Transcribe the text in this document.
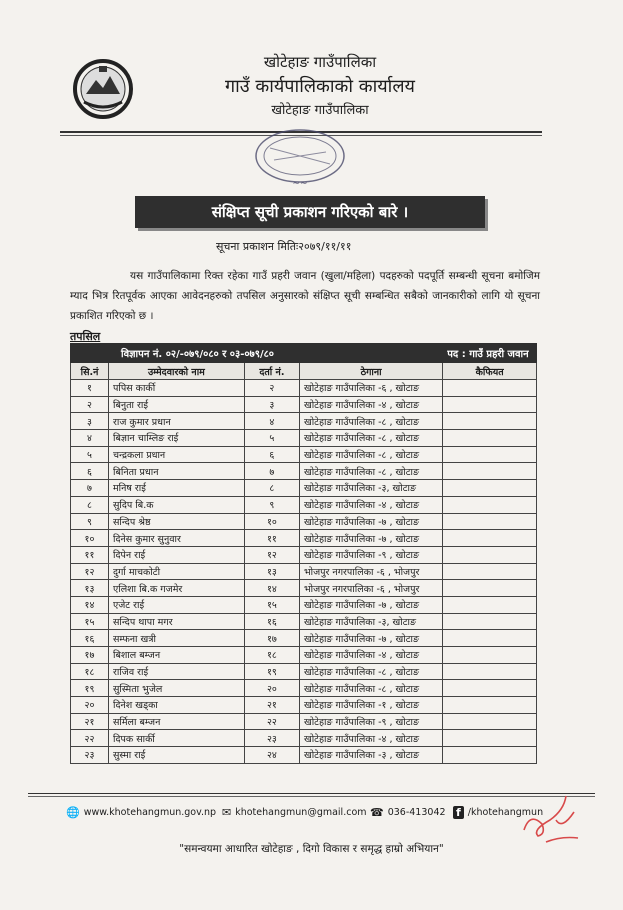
खोटेहाङ गाउँपालिका
गाउँ कार्यपालिकाको कार्यालय
खोटेहाङ गाउँपालिका
~~
संक्षिप्त सूची प्रकाशन गरिएको बारे ।
सूचना प्रकाशन मितिः२०७९/११/११
यस गाउँपालिकामा रिक्त रहेका गाउँ प्रहरी जवान (खुला/महिला) पदहरुको पदपूर्ति सम्बन्धी सूचना बमोजिम म्याद भित्र रितपूर्वक आएका आवेदनहरुको तपसिल अनुसारको संक्षिप्त सूची सम्बन्धित सबैको जानकारीको लागि यो सूचना प्रकाशित गरिएको छ ।
तपसिल
विज्ञापन नं. ०२/-०७९/०८० र ०३-०७९/८०				पद : गाउँ प्रहरी जवान
सि.नं	उम्मेदवारको नाम	दर्ता नं.	ठेगाना	कैफियत
१	पपिस कार्की	२	खोटेहाङ गाउँपालिका -६ , खोटाङ	
२	बिनुता राई	३	खोटेहाङ गाउँपालिका -४ , खोटाङ	
३	राज कुमार प्रधान	४	खोटेहाङ गाउँपालिका -८ , खोटाङ	
४	बिज्ञान चाम्लिङ राई	५	खोटेहाङ गाउँपालिका -८ , खोटाङ	
५	चन्द्रकला प्रधान	६	खोटेहाङ गाउँपालिका -८ , खोटाङ	
६	बिनिता प्रधान	७	खोटेहाङ गाउँपालिका -८ , खोटाङ	
७	मनिष राई	८	खोटेहाङ गाउँपालिका -३, खोटाङ	
८	सुदिप बि.क	९	खोटेहाङ गाउँपालिका -४ , खोटाङ	
९	सन्दिप श्रेष्ठ	१०	खोटेहाङ गाउँपालिका -७ , खोटाङ	
१०	दिनेस कुमार सुनुवार	११	खोटेहाङ गाउँपालिका -७ , खोटाङ	
११	दिपेन राई	१२	खोटेहाङ गाउँपालिका -९ , खोटाङ	
१२	दुर्गा माचकोटी	१३	भोजपुर नगरपालिका -६ , भोजपुर	
१३	एलिशा बि.क गजमेर	१४	भोजपुर नगरपालिका -६ , भोजपुर	
१४	एजेट राई	१५	खोटेहाङ गाउँपालिका -७ , खोटाङ	
१५	सन्दिप थापा मगर	१६	खोटेहाङ गाउँपालिका -३, खोटाङ	
१६	सम्फना खत्री	१७	खोटेहाङ गाउँपालिका -७ , खोटाङ	
१७	बिशाल बम्जन	१८	खोटेहाङ गाउँपालिका -४ , खोटाङ	
१८	राजिव राई	१९	खोटेहाङ गाउँपालिका -८ , खोटाङ	
१९	सुस्मिता भुजेल	२०	खोटेहाङ गाउँपालिका -८ , खोटाङ	
२०	दिनेश खड्का	२१	खोटेहाङ गाउँपालिका -१ , खोटाङ	
२१	सर्मिला बम्जन	२२	खोटेहाङ गाउँपालिका -९ , खोटाङ	
२२	दिपक सार्की	२३	खोटेहाङ गाउँपालिका -४ , खोटाङ	
२३	सुस्मा राई	२४	खोटेहाङ गाउँपालिका -३ , खोटाङ	
🌐 www.khotehangmun.gov.np ✉ khotehangmun@gmail.com ☎ 036-413042 f /khotehangmun
"समन्वयमा आधारित खोटेहाङ , दिगो विकास र समृद्ध हाम्रो अभियान"
